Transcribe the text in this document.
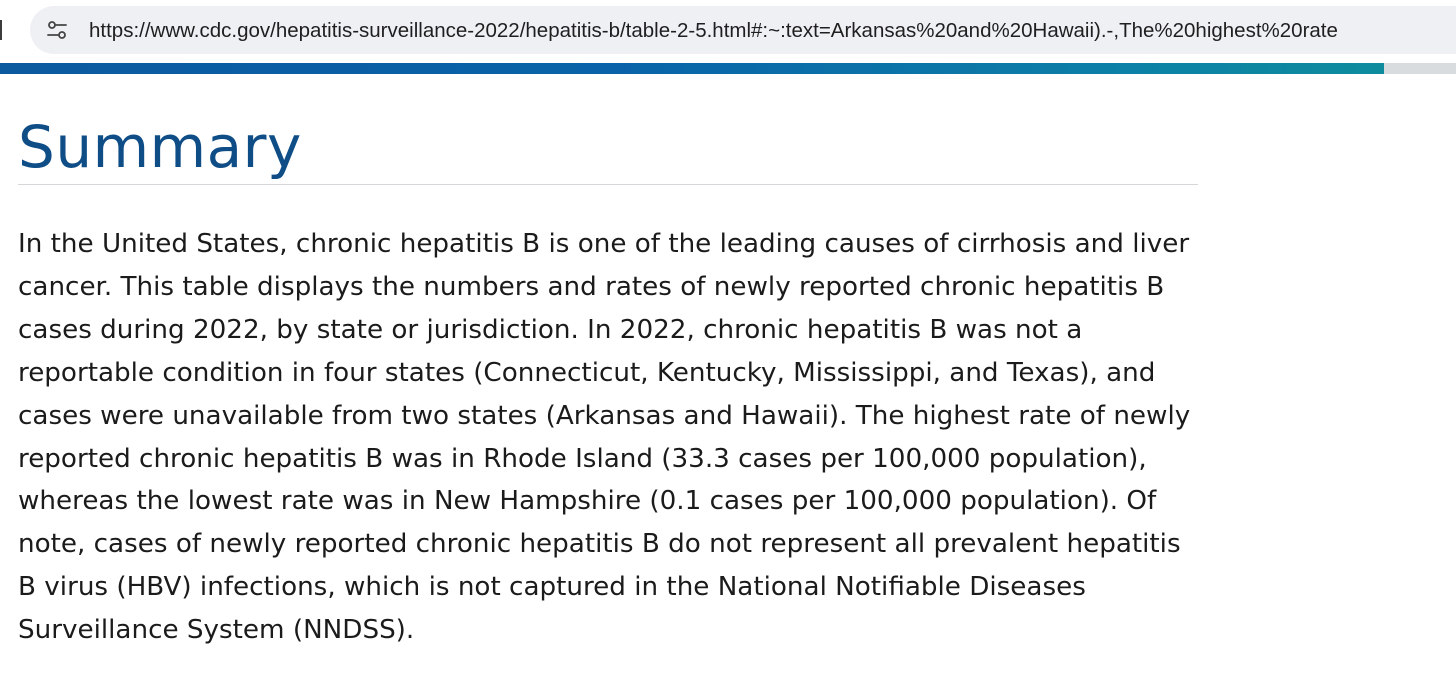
https://www.cdc.gov/hepatitis-surveillance-2022/hepatitis-b/table-2-5.html#:~:text=Arkansas%20and%20Hawaii).-,The%20highest%20rate
Summary

In the United States, chronic hepatitis B is one of the leading causes of cirrhosis and liver cancer. This table displays the numbers and rates of newly reported chronic hepatitis B cases during 2022, by state or jurisdiction. In 2022, chronic hepatitis B was not a reportable condition in four states (Connecticut, Kentucky, Mississippi, and Texas), and cases were unavailable from two states (Arkansas and Hawaii). The highest rate of newly reported chronic hepatitis B was in Rhode Island (33.3 cases per 100,000 population), whereas the lowest rate was in New Hampshire (0.1 cases per 100,000 population). Of note, cases of newly reported chronic hepatitis B do not represent all prevalent hepatitis B virus (HBV) infections, which is not captured in the National Notifiable Diseases Surveillance System (NNDSS).
